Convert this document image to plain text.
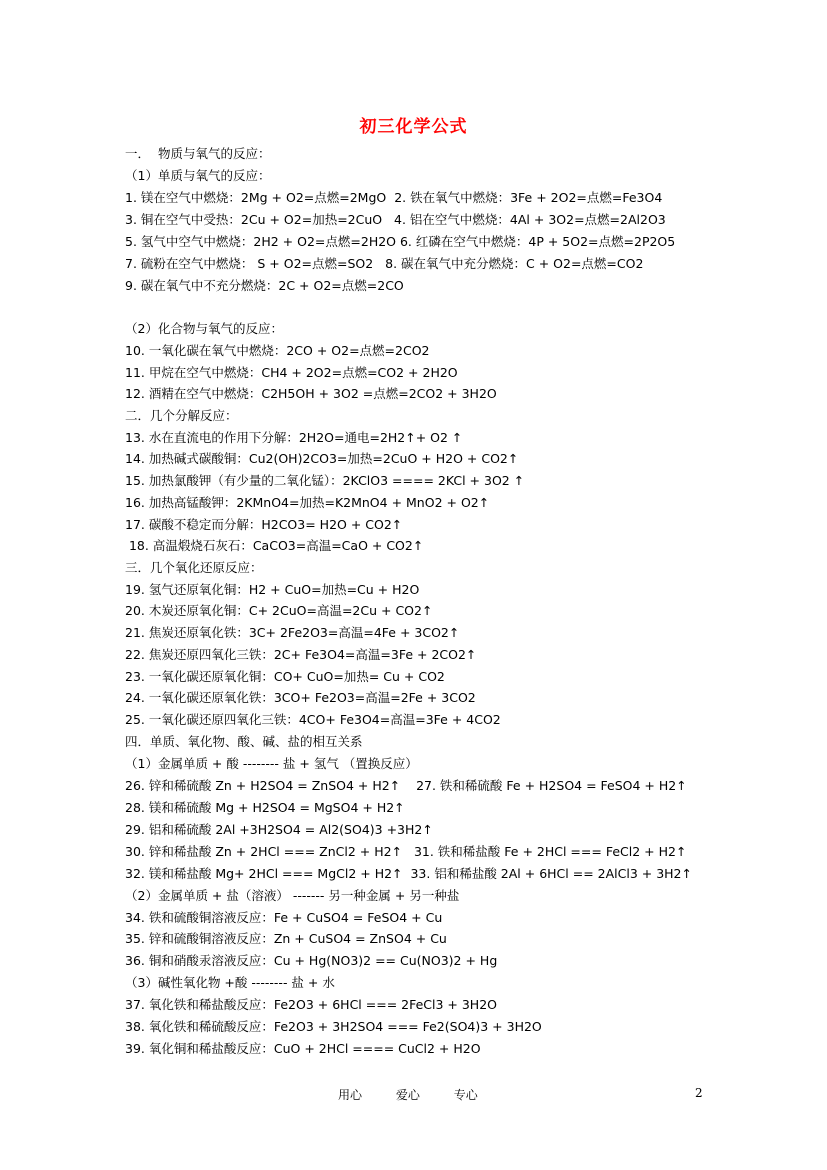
初三化学公式
一．  物质与氧气的反应：
（1）单质与氧气的反应：
1. 镁在空气中燃烧：2Mg + O2=点燃=2MgO  2. 铁在氧气中燃烧：3Fe + 2O2=点燃=Fe3O4
3. 铜在空气中受热：2Cu + O2=加热=2CuO   4. 铝在空气中燃烧：4Al + 3O2=点燃=2Al2O3
5. 氢气中空气中燃烧：2H2 + O2=点燃=2H2O 6. 红磷在空气中燃烧：4P + 5O2=点燃=2P2O5
7. 硫粉在空气中燃烧： S + O2=点燃=SO2   8. 碳在氧气中充分燃烧：C + O2=点燃=CO2
9. 碳在氧气中不充分燃烧：2C + O2=点燃=2CO
（2）化合物与氧气的反应：
10. 一氧化碳在氧气中燃烧：2CO + O2=点燃=2CO2
11. 甲烷在空气中燃烧：CH4 + 2O2=点燃=CO2 + 2H2O
12. 酒精在空气中燃烧：C2H5OH + 3O2 =点燃=2CO2 + 3H2O
二．几个分解反应：
13. 水在直流电的作用下分解：2H2O=通电=2H2↑+ O2 ↑
14. 加热碱式碳酸铜：Cu2(OH)2CO3=加热=2CuO + H2O + CO2↑
15. 加热氯酸钾（有少量的二氧化锰）：2KClO3 ==== 2KCl + 3O2 ↑
16. 加热高锰酸钾：2KMnO4=加热=K2MnO4 + MnO2 + O2↑
17. 碳酸不稳定而分解：H2CO3= H2O + CO2↑
18. 高温煅烧石灰石：CaCO3=高温=CaO + CO2↑
三．几个氧化还原反应：
19. 氢气还原氧化铜：H2 + CuO=加热=Cu + H2O
20. 木炭还原氧化铜：C+ 2CuO=高温=2Cu + CO2↑
21. 焦炭还原氧化铁：3C+ 2Fe2O3=高温=4Fe + 3CO2↑
22. 焦炭还原四氧化三铁：2C+ Fe3O4=高温=3Fe + 2CO2↑
23. 一氧化碳还原氧化铜：CO+ CuO=加热= Cu + CO2
24. 一氧化碳还原氧化铁：3CO+ Fe2O3=高温=2Fe + 3CO2
25. 一氧化碳还原四氧化三铁：4CO+ Fe3O4=高温=3Fe + 4CO2
四．单质、氧化物、酸、碱、盐的相互关系
（1）金属单质 + 酸 -------- 盐 + 氢气 （置换反应）
26. 锌和稀硫酸 Zn + H2SO4 = ZnSO4 + H2↑    27. 铁和稀硫酸 Fe + H2SO4 = FeSO4 + H2↑
28. 镁和稀硫酸 Mg + H2SO4 = MgSO4 + H2↑
29. 铝和稀硫酸 2Al +3H2SO4 = Al2(SO4)3 +3H2↑
30. 锌和稀盐酸 Zn + 2HCl === ZnCl2 + H2↑   31. 铁和稀盐酸 Fe + 2HCl === FeCl2 + H2↑
32. 镁和稀盐酸 Mg+ 2HCl === MgCl2 + H2↑  33. 铝和稀盐酸 2Al + 6HCl == 2AlCl3 + 3H2↑
（2）金属单质 + 盐（溶液） ------- 另一种金属 + 另一种盐
34. 铁和硫酸铜溶液反应：Fe + CuSO4 = FeSO4 + Cu
35. 锌和硫酸铜溶液反应：Zn + CuSO4 = ZnSO4 + Cu
36. 铜和硝酸汞溶液反应：Cu + Hg(NO3)2 == Cu(NO3)2 + Hg
（3）碱性氧化物 +酸 -------- 盐 + 水
37. 氧化铁和稀盐酸反应：Fe2O3 + 6HCl === 2FeCl3 + 3H2O
38. 氧化铁和稀硫酸反应：Fe2O3 + 3H2SO4 === Fe2(SO4)3 + 3H2O
39. 氧化铜和稀盐酸反应：CuO + 2HCl ==== CuCl2 + H2O
用心	爱心	专心	2
